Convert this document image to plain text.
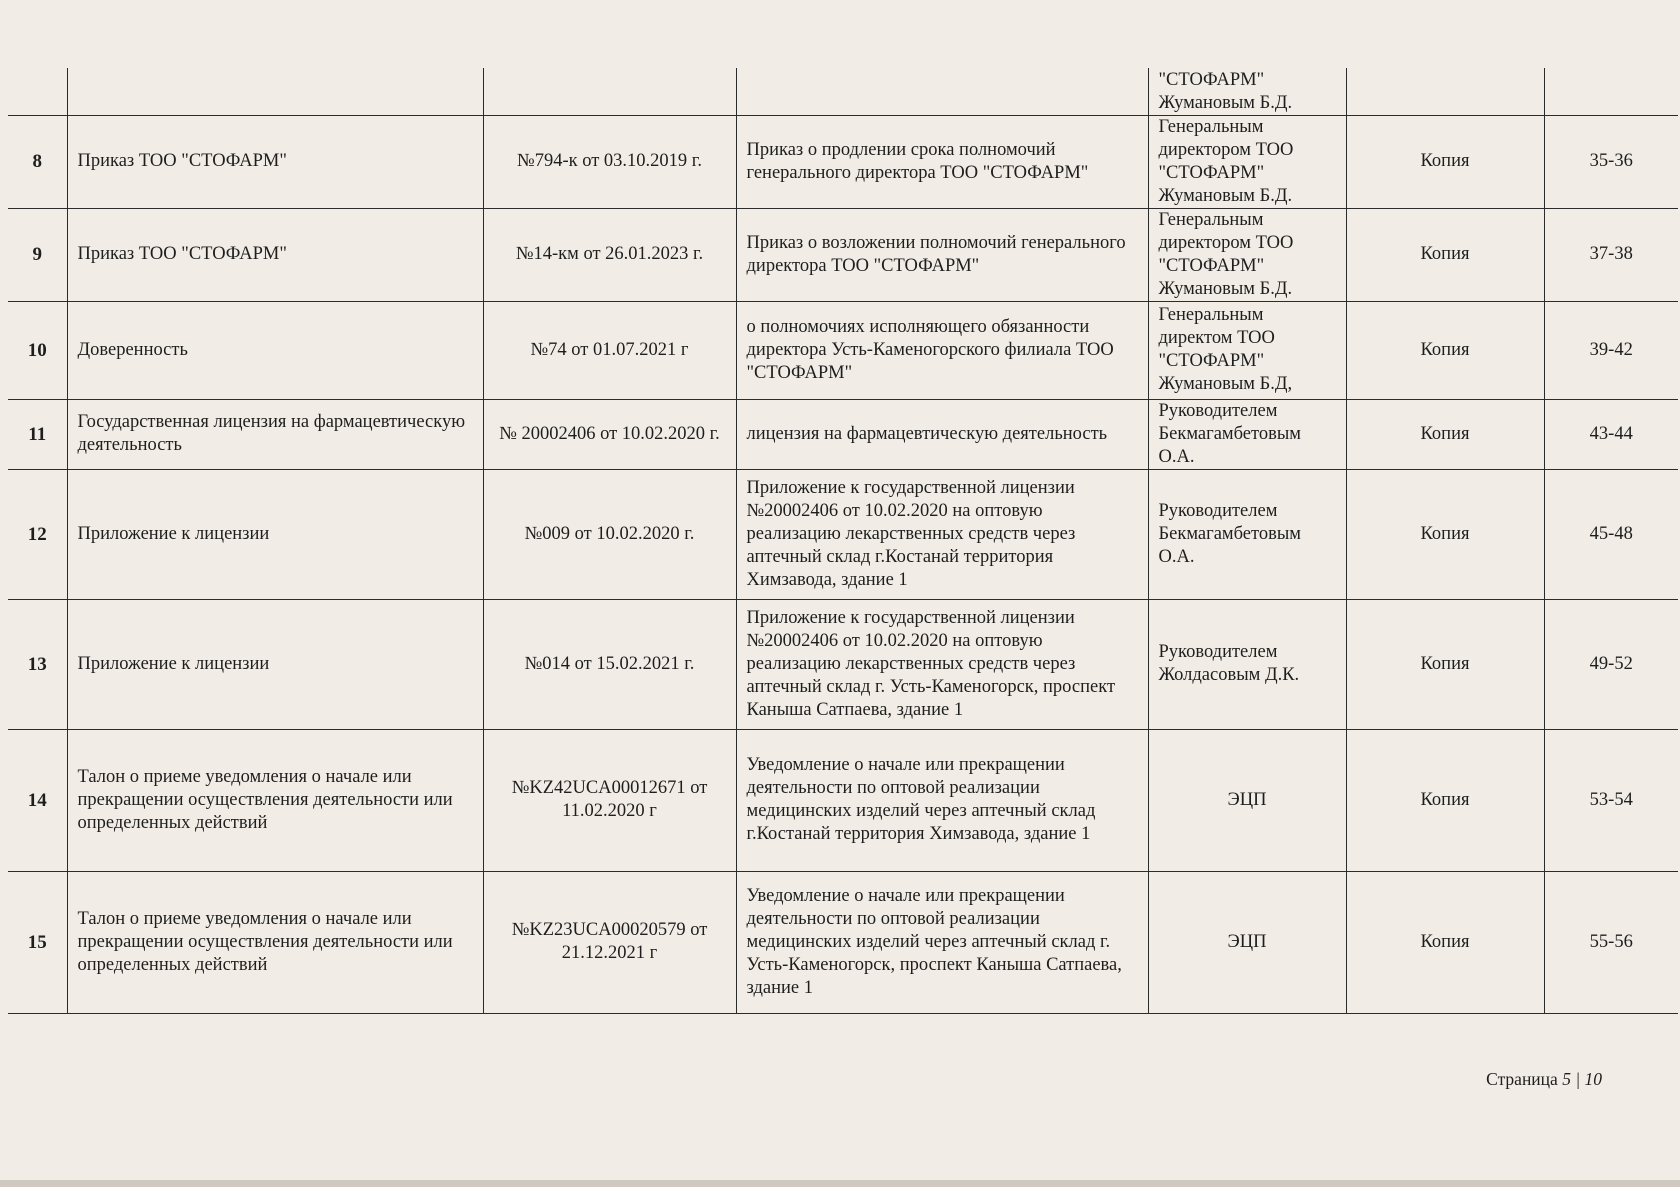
				"СТОФАРМ" Жумановым Б.Д.		
8	Приказ ТОО "СТОФАРМ"	№794-к от 03.10.2019 г.	Приказ о продлении срока полномочий генерального директора ТОО "СТОФАРМ"	Генеральным директором ТОО "СТОФАРМ" Жумановым Б.Д.	Копия	35-36
9	Приказ ТОО "СТОФАРМ"	№14-км от 26.01.2023 г.	Приказ о возложении полномочий генерального директора ТОО "СТОФАРМ"	Генеральным директором ТОО "СТОФАРМ" Жумановым Б.Д.	Копия	37-38
10	Доверенность	№74 от 01.07.2021 г	о полномочиях исполняющего обязанности директора Усть-Каменогорского филиала ТОО "СТОФАРМ"	Генеральным директом ТОО "СТОФАРМ" Жумановым Б.Д,	Копия	39-42
11	Государственная лицензия на фармацевтическую деятельность	№ 20002406 от 10.02.2020 г.	лицензия на фармацевтическую деятельность	Руководителем Бекмагамбетовым О.А.	Копия	43-44
12	Приложение к лицензии	№009 от 10.02.2020 г.	Приложение к государственной лицензии №20002406 от 10.02.2020 на оптовую реализацию лекарственных средств через аптечный склад г.Костанай территория Химзавода, здание 1	Руководителем Бекмагамбетовым О.А.	Копия	45-48
13	Приложение к лицензии	№014 от 15.02.2021 г.	Приложение к государственной лицензии №20002406 от 10.02.2020 на оптовую реализацию лекарственных средств через аптечный склад г. Усть-Каменогорск, проспект Каныша Сатпаева, здание 1	Руководителем Жолдасовым Д.К.	Копия	49-52
14	Талон о приеме уведомления о начале или прекращении осуществления деятельности или определенных действий	№KZ42UCA00012671 от 11.02.2020 г	Уведомление о начале или прекращении деятельности по оптовой реализации медицинских изделий через аптечный склад г.Костанай территория Химзавода, здание 1	ЭЦП	Копия	53-54
15	Талон о приеме уведомления о начале или прекращении осуществления деятельности или определенных действий	№KZ23UCA00020579 от 21.12.2021 г	Уведомление о начале или прекращении деятельности по оптовой реализации медицинских изделий через аптечный склад г. Усть-Каменогорск, проспект Каныша Сатпаева, здание 1	ЭЦП	Копия	55-56
Страница 5 | 10
